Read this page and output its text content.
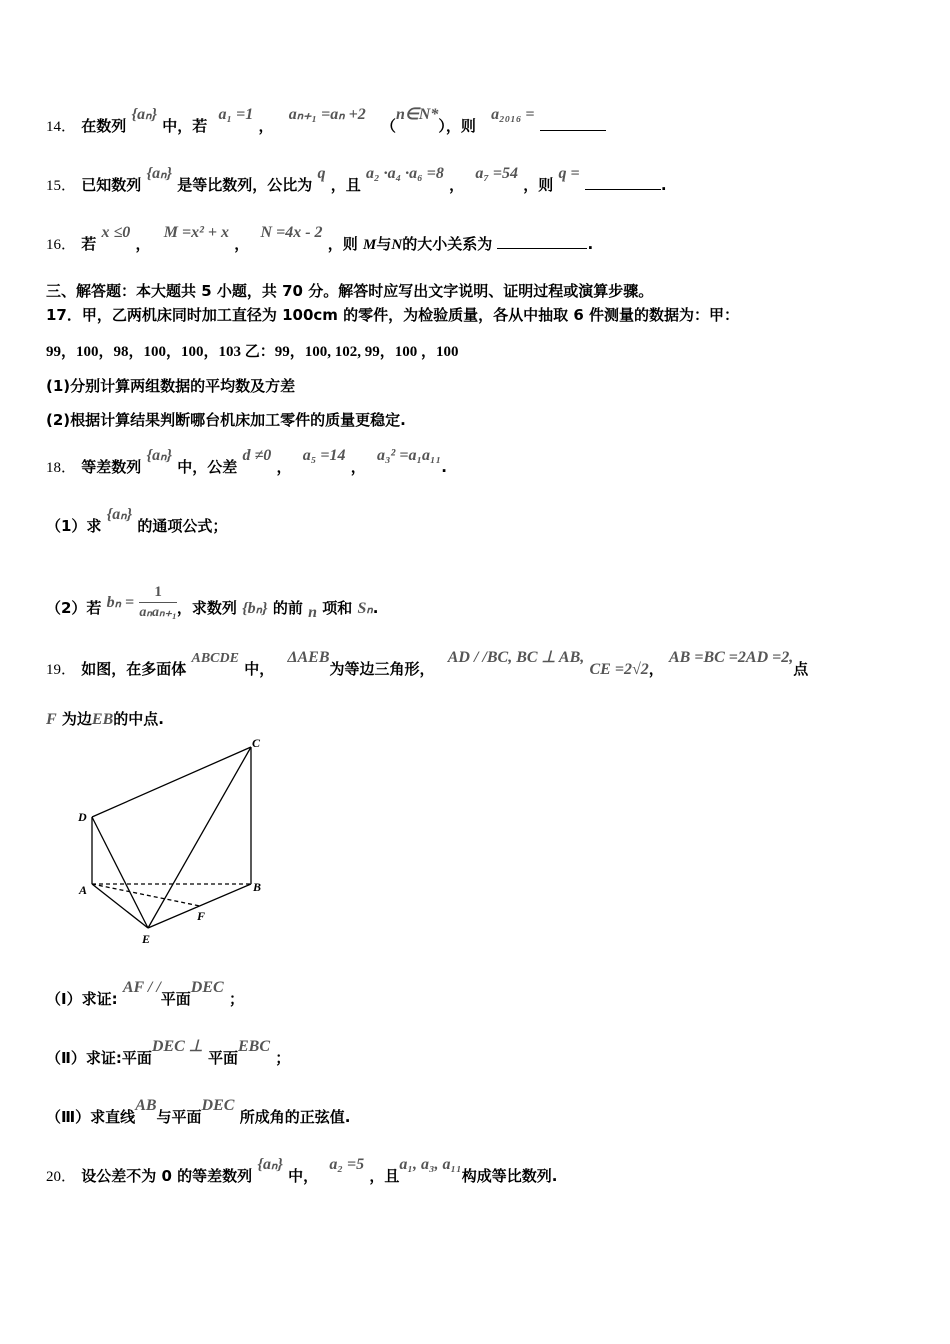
14． 在数列 {aₙ} 中，若 a₁ =1 ， aₙ₊₁ =aₙ +2 （n∈N*），则 a₂₀₁₆ =
15． 已知数列 {aₙ} 是等比数列，公比为 q ，且 a₂ ·a₄ ·a₆ =8 ， a₇ =54 ，则 q = .
16． 若 x ≤0 ， M =x² + x ， N =4x - 2 ，则 M与N的大小关系为	.
三、解答题：本大题共 5 小题，共 70 分。解答时应写出文字说明、证明过程或演算步骤。
17．甲，乙两机床同时加工直径为 100cm 的零件，为检验质量，各从中抽取 6 件测量的数据为：甲：
99，100，98，100，100，103 乙：99，100, 102, 99，100 ，100
(1)分别计算两组数据的平均数及方差
(2)根据计算结果判断哪台机床加工零件的质量更稳定.
18． 等差数列 {aₙ} 中，公差 d ≠0 ， a₅ =14 ， a₃² =a₁a₁₁.
（1）求 {aₙ} 的通项公式；
（2）若 $b_n = \frac{1}{\text{aₙaₙ₊₁}}$ ，求数列 {bₙ} 的前 n 项和 Sₙ.
19． 如图，在多面体 ABCDE 中， ΔAEB为等边三角形， AD / /BC, BC ⊥ AB, CE =2√2， AB =BC =2AD =2,点
F 为边EB的中点.
C
D
A	B
F
E
（Ⅰ）求证: AF / /平面DEC ；
（Ⅱ）求证:平面DEC ⊥ 平面EBC ；
（Ⅲ）求直线AB与平面DEC 所成角的正弦值.
20． 设公差不为 0 的等差数列 {aₙ} 中， a₂ =5 ，且a₁, a₃, a₁₁构成等比数列.
